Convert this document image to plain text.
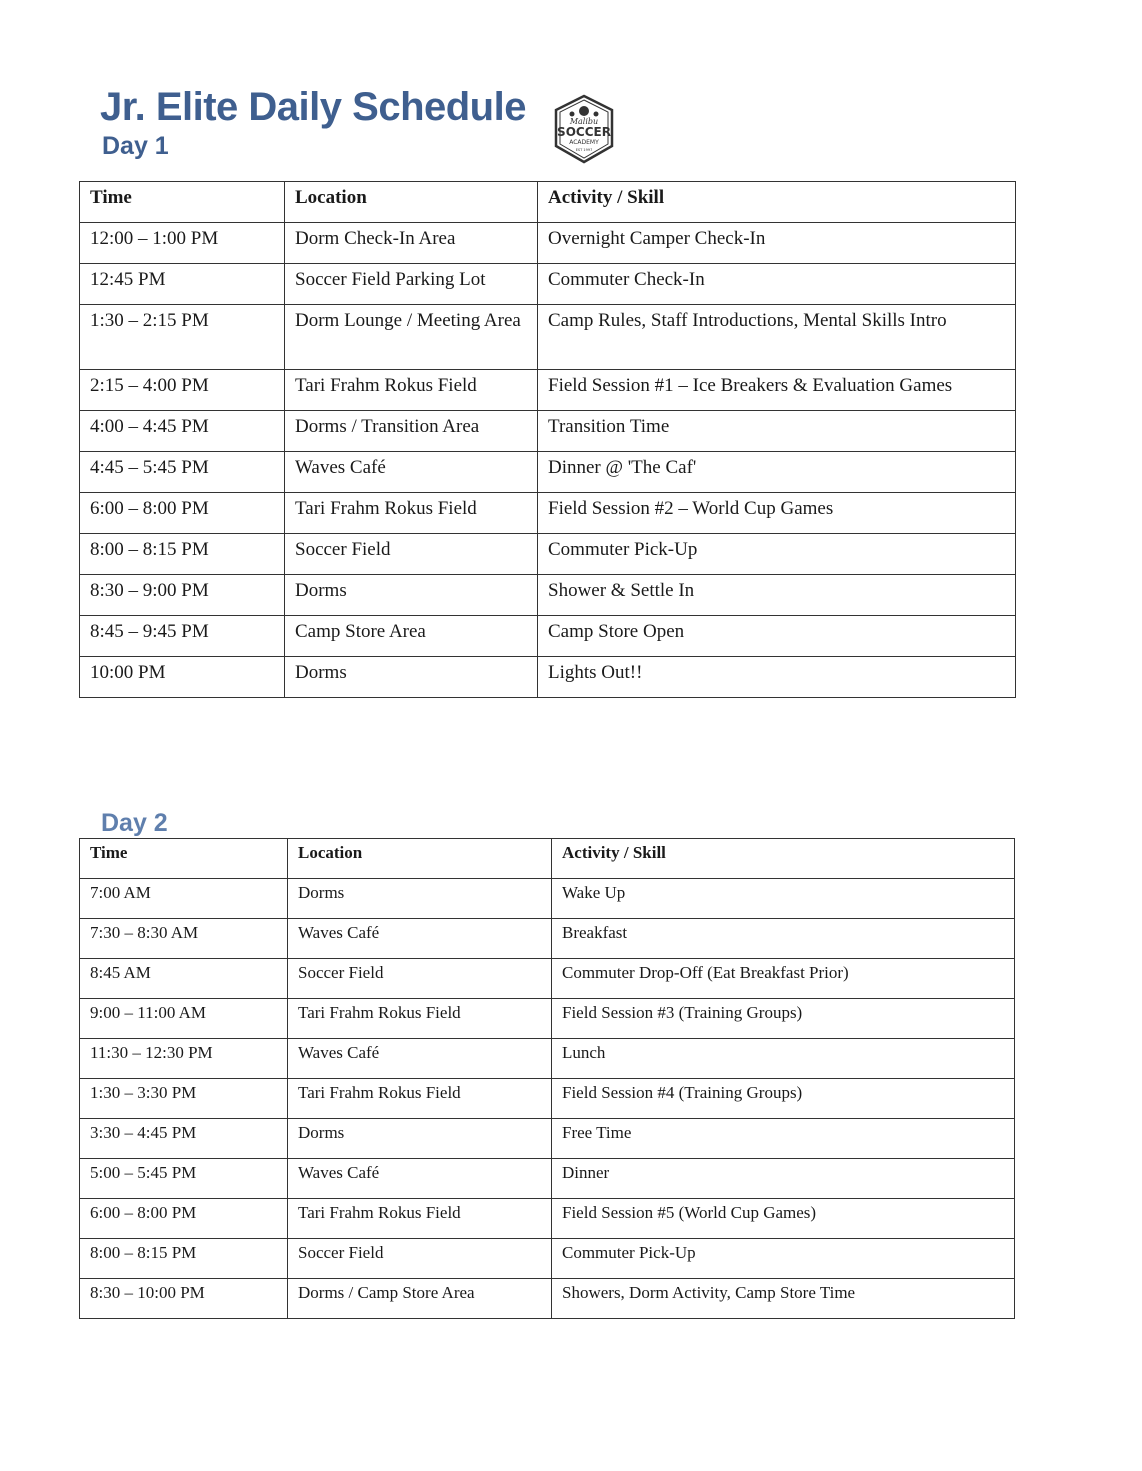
Jr. Elite Daily Schedule	Malibu
SOCCER
ACADEMY
EST 1997
Day 1
Time	Location	Activity / Skill
12:00 – 1:00 PM	Dorm Check-In Area	Overnight Camper Check-In
12:45 PM	Soccer Field Parking Lot	Commuter Check-In
1:30 – 2:15 PM	Dorm Lounge / Meeting Area	Camp Rules, Staff Introductions, Mental Skills Intro
2:15 – 4:00 PM	Tari Frahm Rokus Field	Field Session #1 – Ice Breakers & Evaluation Games
4:00 – 4:45 PM	Dorms / Transition Area	Transition Time
4:45 – 5:45 PM	Waves Café	Dinner @ 'The Caf'
6:00 – 8:00 PM	Tari Frahm Rokus Field	Field Session #2 – World Cup Games
8:00 – 8:15 PM	Soccer Field	Commuter Pick-Up
8:30 – 9:00 PM	Dorms	Shower & Settle In
8:45 – 9:45 PM	Camp Store Area	Camp Store Open
10:00 PM	Dorms	Lights Out!!
Day 2
Time	Location	Activity / Skill
7:00 AM	Dorms	Wake Up
7:30 – 8:30 AM	Waves Café	Breakfast
8:45 AM	Soccer Field	Commuter Drop-Off (Eat Breakfast Prior)
9:00 – 11:00 AM	Tari Frahm Rokus Field	Field Session #3 (Training Groups)
11:30 – 12:30 PM	Waves Café	Lunch
1:30 – 3:30 PM	Tari Frahm Rokus Field	Field Session #4 (Training Groups)
3:30 – 4:45 PM	Dorms	Free Time
5:00 – 5:45 PM	Waves Café	Dinner
6:00 – 8:00 PM	Tari Frahm Rokus Field	Field Session #5 (World Cup Games)
8:00 – 8:15 PM	Soccer Field	Commuter Pick-Up
8:30 – 10:00 PM	Dorms / Camp Store Area	Showers, Dorm Activity, Camp Store Time
